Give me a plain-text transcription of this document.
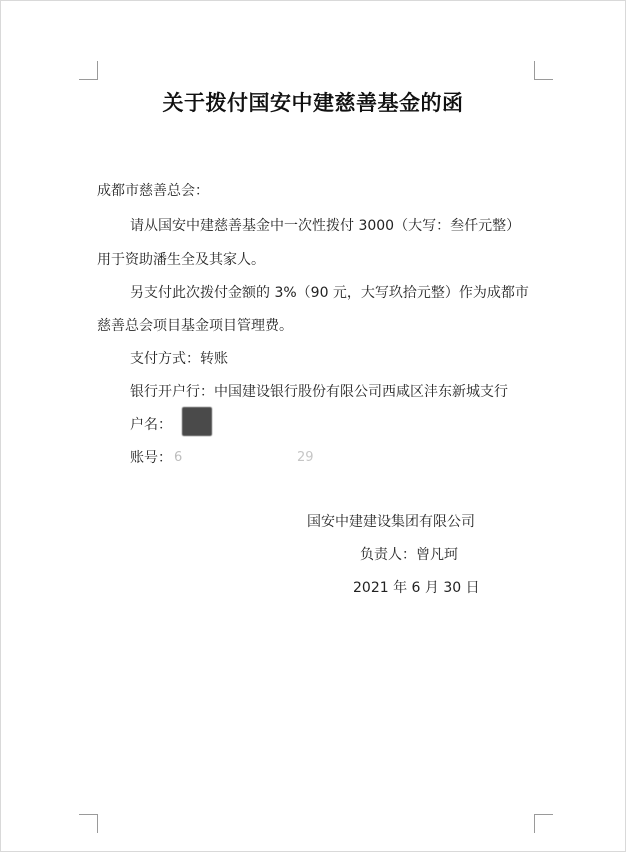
关于拨付国安中建慈善基金的函
成都市慈善总会：
请从国安中建慈善基金中一次性拨付 3000（大写：叁仟元整）
用于资助潘生全及其家人。
另支付此次拨付金额的 3%（90 元，大写玖拾元整）作为成都市
慈善总会项目基金项目管理费。
支付方式：转账
银行开户行：中国建设银行股份有限公司西咸区沣东新城支行
户名：
账号： 6	29
国安中建建设集团有限公司
负责人：曾凡珂
2021 年 6 月 30 日
